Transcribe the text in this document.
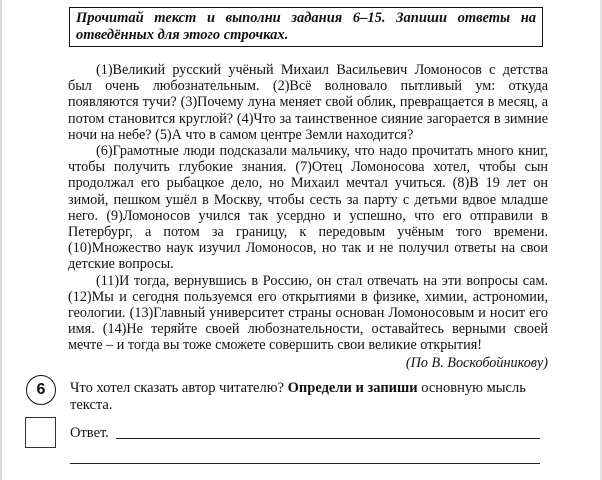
Прочитай текст и выполни задания 6–15. Запиши ответы на отведённых для этого строчках.

(1)Великий русский учёный Михаил Васильевич Ломоносов с детства был очень любознательным. (2)Всё волновало пытливый ум: откуда появляются тучи? (3)Почему луна меняет свой облик, превращается в месяц, а потом становится круглой? (4)Что за таинственное сияние загорается в зимние ночи на небе? (5)А что в самом центре Земли находится?

(6)Грамотные люди подсказали мальчику, что надо прочитать много книг, чтобы получить глубокие знания. (7)Отец Ломоносова хотел, чтобы сын продолжал его рыбацкое дело, но Михаил мечтал учиться. (8)В 19 лет он зимой, пешком ушёл в Москву, чтобы сесть за парту с детьми вдвое младше него. (9)Ломоносов учился так усердно и успешно, что его отправили в Петербург, а потом за границу, к передовым учёным того времени. (10)Множество наук изучил Ломоносов, но так и не получил ответы на свои детские вопросы.

(11)И тогда, вернувшись в Россию, он стал отвечать на эти вопросы сам. (12)Мы и сегодня пользуемся его открытиями в физике, химии, астрономии, геологии. (13)Главный университет страны основан Ломоносовым и носит его имя. (14)Не теряйте своей любознательности, оставайтесь верными своей мечте – и тогда вы тоже сможете совершить свои великие открытия!

(По В. Воскобойникову)
6 Что хотел сказать автор читателю? Определи и запиши основную мысль текста.
Ответ.
